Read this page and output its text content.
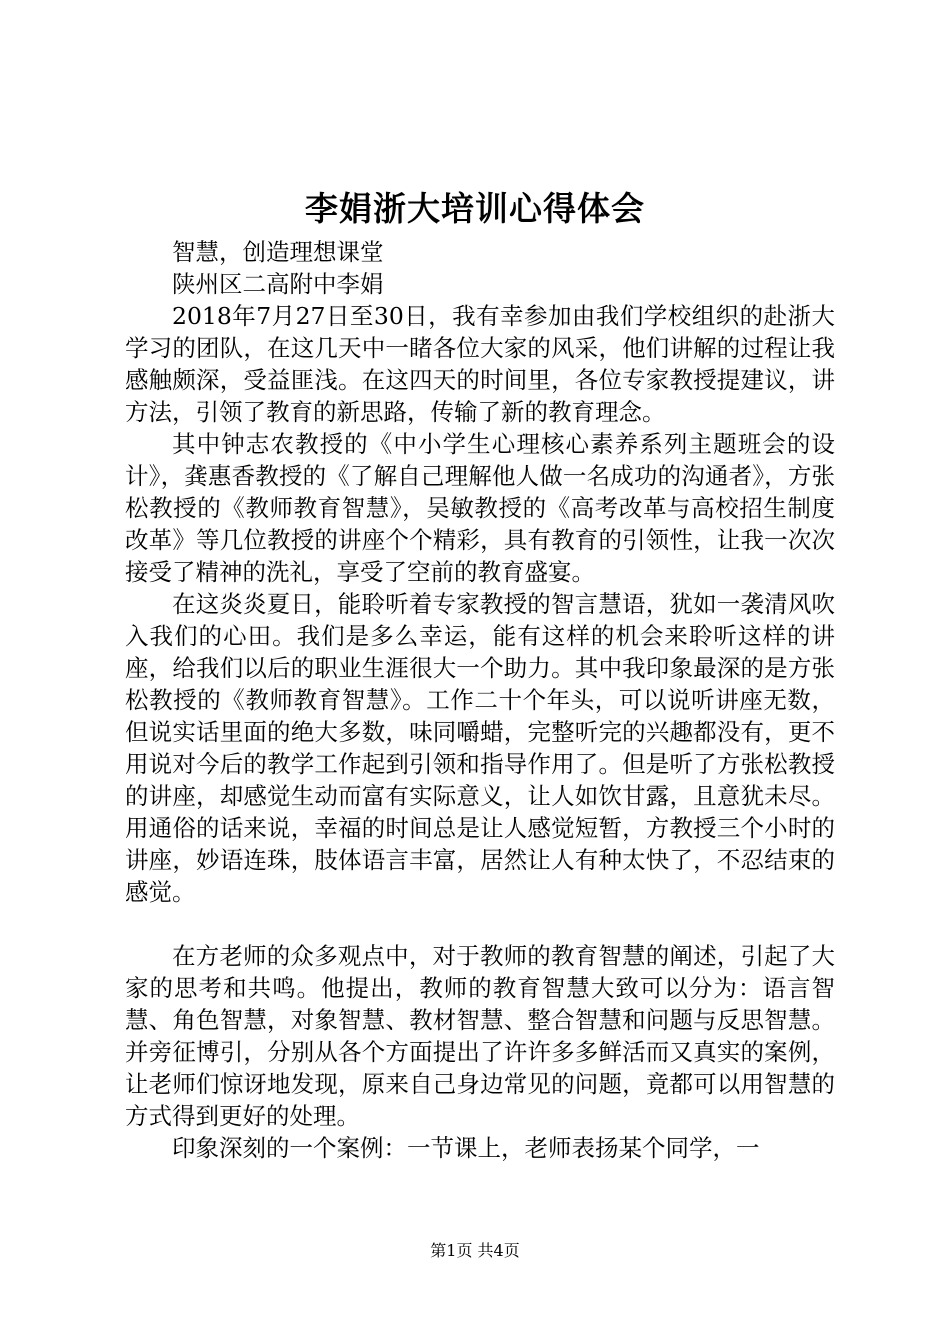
李娟浙大培训心得体会

智慧，创造理想课堂

陕州区二高附中李娟

2018年7月27日至30日，我有幸参加由我们学校组织的赴浙大学习的团队，在这几天中一睹各位大家的风采，他们讲解的过程让我感触颇深，受益匪浅。在这四天的时间里，各位专家教授提建议，讲方法，引领了教育的新思路，传输了新的教育理念。

其中钟志农教授的《中小学生心理核心素养系列主题班会的设计》，龚惠香教授的《了解自己理解他人做一名成功的沟通者》，方张松教授的《教师教育智慧》，吴敏教授的《高考改革与高校招生制度改革》等几位教授的讲座个个精彩，具有教育的引领性，让我一次次接受了精神的洗礼，享受了空前的教育盛宴。

在这炎炎夏日，能聆听着专家教授的智言慧语，犹如一袭清风吹入我们的心田。我们是多么幸运，能有这样的机会来聆听这样的讲座，给我们以后的职业生涯很大一个助力。其中我印象最深的是方张松教授的《教师教育智慧》。工作二十个年头，可以说听讲座无数，但说实话里面的绝大多数，味同嚼蜡，完整听完的兴趣都没有，更不用说对今后的教学工作起到引领和指导作用了。但是听了方张松教授的讲座，却感觉生动而富有实际意义，让人如饮甘露，且意犹未尽。用通俗的话来说，幸福的时间总是让人感觉短暂，方教授三个小时的讲座，妙语连珠，肢体语言丰富，居然让人有种太快了，不忍结束的感觉。

在方老师的众多观点中，对于教师的教育智慧的阐述，引起了大家的思考和共鸣。他提出，教师的教育智慧大致可以分为：语言智慧、角色智慧，对象智慧、教材智慧、整合智慧和问题与反思智慧。并旁征博引，分别从各个方面提出了许许多多鲜活而又真实的案例，让老师们惊讶地发现，原来自己身边常见的问题，竟都可以用智慧的方式得到更好的处理。

印象深刻的一个案例：一节课上，老师表扬某个同学，一

第1页 共4页
